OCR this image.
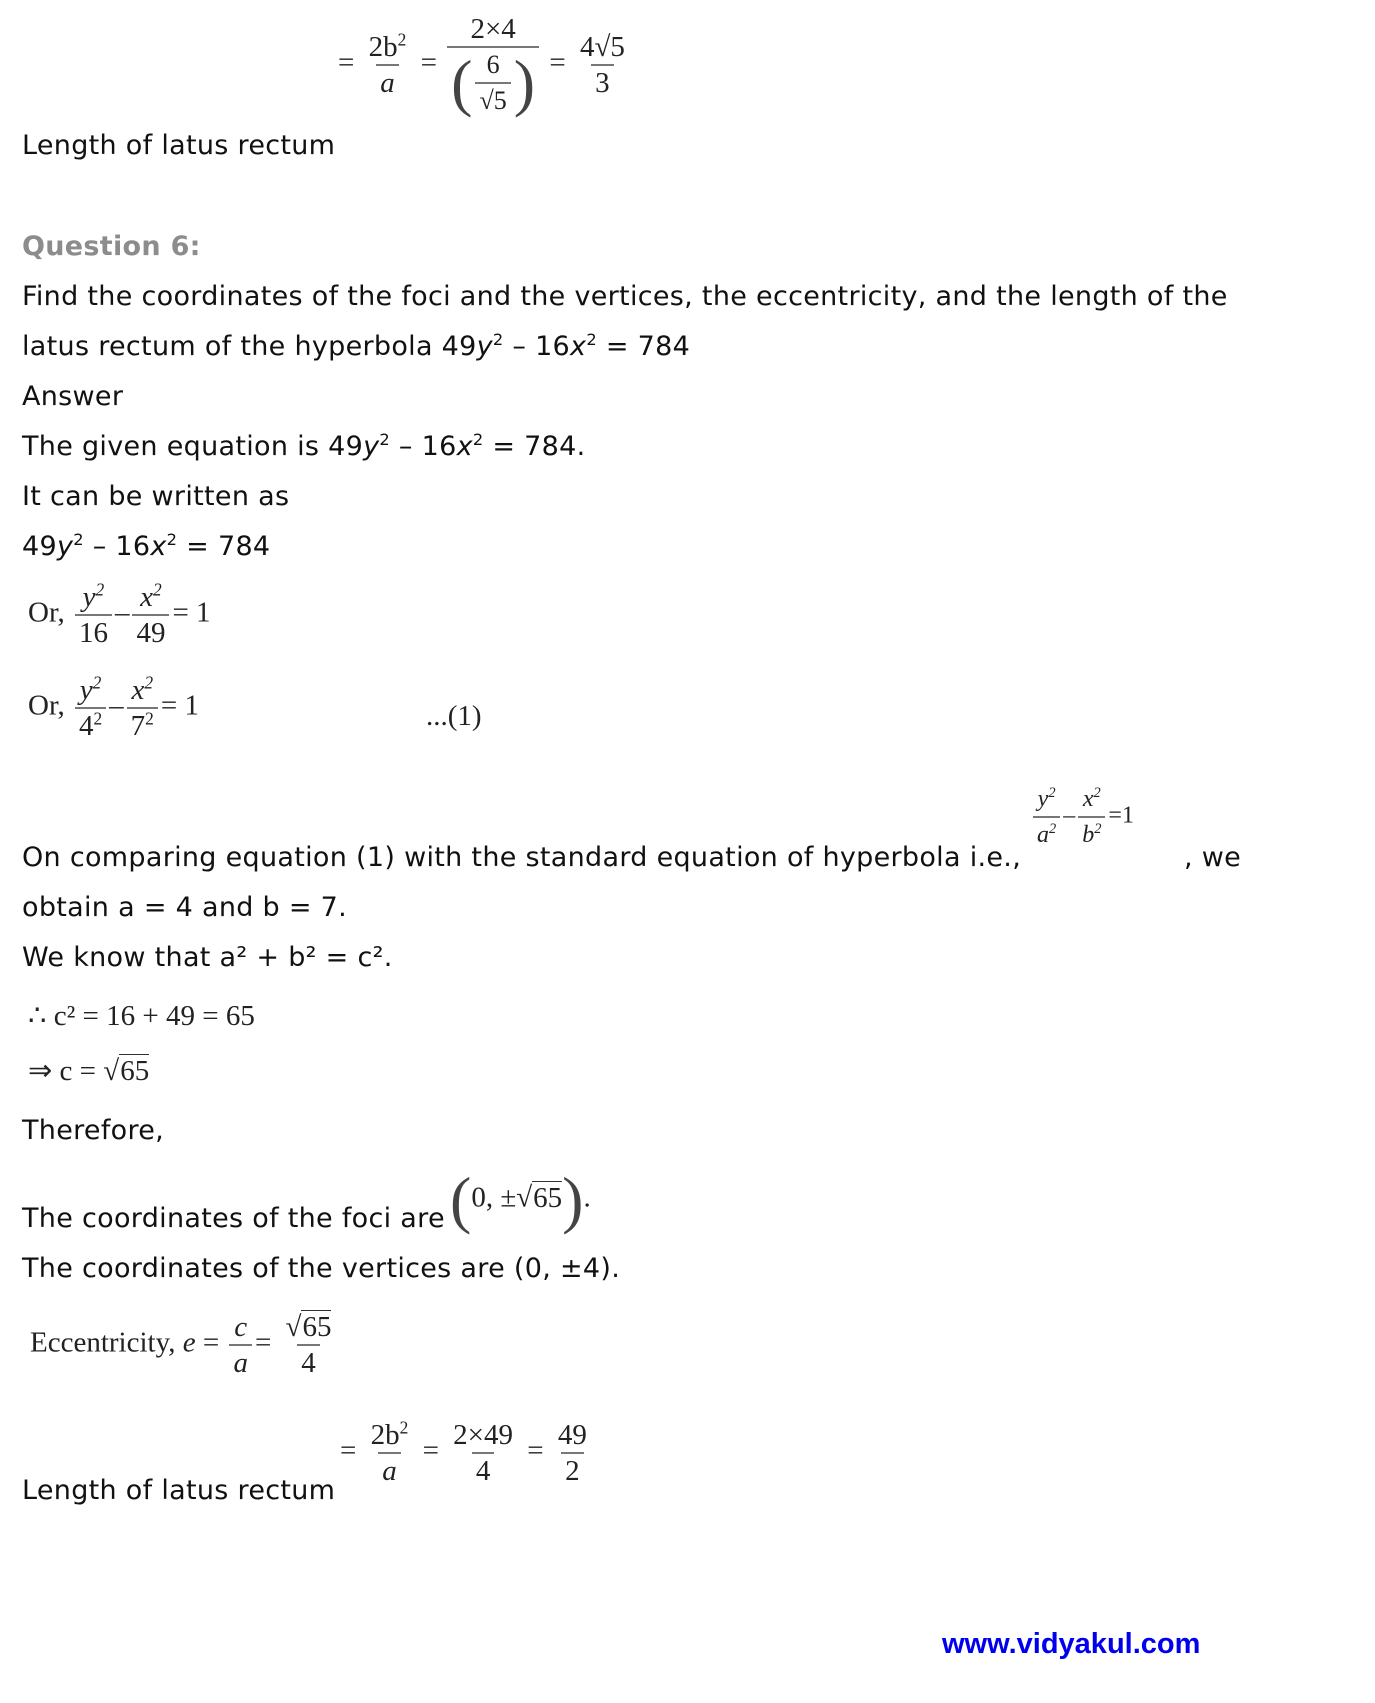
= $\frac{2b^2}{a} = \frac{2\times 4}{( \frac{6}{√5} )} = \frac{4√5}{3}$
Length of latus rectum
Question 6:
Find the coordinates of the foci and the vertices, the eccentricity, and the length of the
latus rectum of the hyperbola $49y^2 - 16x^2 = 784$
Answer
The given equation is $49y^2 - 16x^2 = 784$.
It can be written as
$49y^2 - 16x^2 = 784$
Or, $\frac{y^2}{16} - \frac{x^2}{49} = 1$
Or, $\frac{y^2}{4^2} - \frac{x^2}{7^2} = 1$	...(1)
$\frac{y^2}{a^2} - \frac{x^2}{b^2} =1$
On comparing equation (1) with the standard equation of hyperbola i.e.,	, we
obtain a = 4 and b = 7.
We know that a² + b² = c².
∴ c² = 16 + 49 = 65
⇒ c = √65
Therefore,
The coordinates of the foci are (0, ±√65).
The coordinates of the vertices are (0, ±4).
Eccentricity, $e = \frac{c}{a} = \frac{√65}{4}$
= $\frac{2b^2}{a} = \frac{2\times 49}{4} = \frac{49}{2}$
Length of latus rectum
www.vidyakul.com
